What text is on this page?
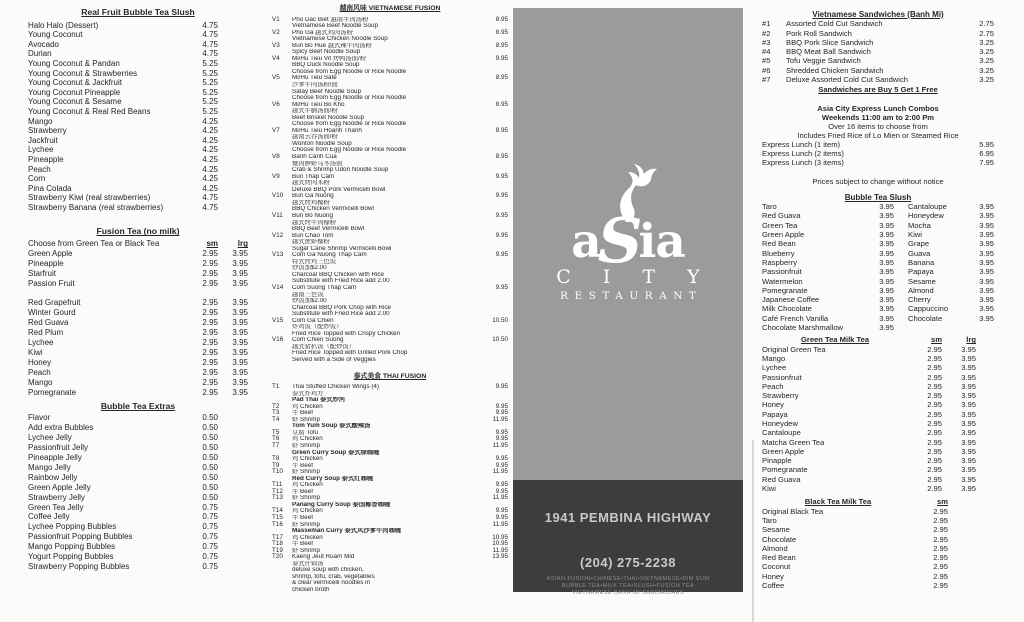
Real Fruit Bubble Tea Slush
Halo Halo (Dessert)	4.75
Young Coconut	4.75
Avocado	4.75
Durian	4.75
Young Coconut & Pandan	5.25
Young Coconut & Strawberries	5.25
Young Coconut & Jackfruit	5.25
Young Coconut Pineapple	5.25
Young Coconut & Sesame	5.25
Young Coconut & Real Red Beans	5.25
Mango	4.25
Strawberry	4.25
Jackfruit	4.25
Lychee	4.25
Pineapple	4.25
Peach	4.25
Corn	4.25
Pina Colada	4.25
Strawberry Kiwi (real strawberries)	4.75
Strawberry Banana (real strawberries)	4.75
Fusion Tea (no milk)
Choose from Green Tea or Black Tea	sm	lrg
Green Apple	2.95	3.95
Pineapple	2.95	3.95
Starfruit	2.95	3.95
Passion Fruit	2.95	3.95
Red Grapefruit	2.95	3.95
Winter Gourd	2.95	3.95
Red Guava	2.95	3.95
Red Plum	2.95	3.95
Lychee	2.95	3.95
Kiwi	2.95	3.95
Honey	2.95	3.95
Peach	2.95	3.95
Mango	2.95	3.95
Pomegranate	2.95	3.95
Bubble Tea Extras
Flavor	0.50
Add extra Bubbles	0.50
Lychee Jelly	0.50
Passionfruit Jelly	0.50
Pineapple Jelly	0.50
Mango Jelly	0.50
Rainbow Jelly	0.50
Green Apple Jelly	0.50
Strawberry Jelly	0.50
Green Tea Jelly	0.75
Coffee Jelly	0.75
Lychee Popping Bubbles	0.75
Passionfruit Popping Bubbles	0.75
Mango Popping Bubbles	0.75
Yogurt Popping Bubbles	0.75
Strawberry Popping Bubbles	0.75
越南风味 VIETNAMESE FUSION
V1	Pho Dac Biet 越南牛肉汤粉	8.95
Vietnamese Beef Noodle Soup
V2	Pho Ga 越式鸡肉汤粉	8.95
Vietnamese Chicken Noodle Soup
V3	Bun Bo Hue 越式辣牛肉汤粉	8.95
Spicy Beef Noodle Soup
V4	Mi/Hu Tieu Vit 烤鸭汤面/粉	9.95
BBQ Duck Noodle Soup
Choose from Egg Noodle or Rice Noodle
V5	Mi/Hu Tieu Sate	8.95
沙爹牛肉汤粉/面
Satay Beef Noodle Soup
Choose from Egg Noodle or Rice Noodle
V6	Mi/Hu Tieu Bo Kho	8.95
越式牛腩汤面/粉
Beef Brisket Noodle Soup
Choose from Egg Noodle or Rice Noodle
V7	Mi/Hu Tieu Hoanh Thanh	8.95
越南云吞汤面/粉
Wonton Noodle Soup
Choose from Egg Noodle or Rice Noodle
V8	Banh Canh Cua	8.95
蟹肉鲜虾乌冬汤面
Crab & Shrimp Udon Noodle Soup
V9	Bun Thap Cam	9.95
越式烤肉米粉
Deluxe BBQ Pork Vermicelli Bowl
V10	Bun Ga Nuong	9.95
越式烤鸡檬粉
BBQ Chicken Vermicelli Bowl
V11	Bun Bo Nuong	9.95
越式烤牛肉檬粉
BBQ Beef Vermicelli Bowl
V12	Bun Chao Tom	9.95
越式蔗虾檬粉
Sugar Cane Shrimp Vermicelli Bowl
V13	Com Ga Nuong Thap Cam	9.95
特式烤鸡三色饭
炒饭加$2.00
Charcoal BBQ Chicken with Rice
Substitute with Fried Rice add 2.00
V14	Com Suong Thap Cam	9.95
越南三色饭
炒饭加$2.00
Charcoal BBQ Pork Chop with Rice
Substitute with Fried Rice add 2.00
V15	Com Ga Chien	10.50
炸鸡饭（配炒饭）
Fried Rice Topped with Crispy Chicken
V16	Com Chien Suong	10.50
越式猪扒饭（配炒饭）
Fried Rice Topped with Grilled Pork Chop
Served with a Side of Veggies
泰式美食 THAI FUSION
T1	Thai Stuffed Chicken Wings (4)	9.95
泰式炸鸡方
Pad Thai 泰式炒河
T2	鸡 Chicken	9.95
T3	牛 Beef	9.95
T4	虾 Shrimp	11.95
Tom Yum Soup 泰式酸辣汤
T5	豆腐 Tofu	9.95
T6	鸡 Chicken	9.95
T7	虾 Shrimp	11.95
Green Curry Soup 泰式绿咖喱
T8	鸡 Chicken	9.95
T9	牛 Beef	9.95
T10	虾 Shrimp	11.95
Red Curry Soup 泰式红咖喱
T11	鸡 Chicken	9.95
T12	牛 Beef	9.95
T13	虾 Shrimp	11.95
Panang Curry Soup 泰国椰香咖喱
T14	鸡 Chicken	9.95
T15	牛 Beef	9.95
T16	虾 Shrimp	11.95
Masseman Curry 泰式风沙爹牛肉咖喱
T17	鸡 Chicken	10.95
T18	牛 Beef	10.95
T19	虾 Shrimp	11.95
T20	Kaeng Jeut Ruam Mid	13.95
泰式什锦汤
deluxe soup with chicken,
shrimp, tofu, crab, vegetables
& clear vermicelli noodles in
chicken broth
aSia
C I T Y
RESTAURANT
1941 PEMBINA HIGHWAY
(204) 275-2238
ASIAN FUSION•CHINESE•THAI•VIETNAMESE•DIM SUM
BUBBLE TEA•MILK TEA•SLUSH•FUSION TEA
VIETNAMESE BANH MI SANDWICHES
Vietnamese Sandwiches (Banh Mi)
#1	Assorted Cold Cut Sandwich	2.75
#2	Pork Roll Sandwich	2.75
#3	BBQ Pork Slice Sandwich	3.25
#4	BBQ Meat Ball Sandwich	3.25
#5	Tofu Veggie Sandwich	3.25
#6	Shredded Chicken Sandwich	3.25
#7	Deluxe Assorted Cold Cut Sandwich	3.25
Sandwiches are Buy 5 Get 1 Free
Asia City Express Lunch Combos
Weekends 11:00 am to 2:00 Pm
Over 16 items to choose from
Includes Fried Rice of Lo Mien or Steamed Rice
Express Lunch (1 item)	5.95
Express Lunch (2 items)	6.95
Express Lunch (3 items)	7.95
Prices subject to change without notice
Bubble Tea Slush
Taro	3.95
Red Guava	3.95
Green Tea	3.95
Green Apple	3.95
Red Bean	3.95
Blueberry	3.95
Raspberry	3.95
Passionfruit	3.95
Watermelon	3.95
Pomegranate	3.95
Japanese Coffee	3.95
Milk Chocolate	3.95
Café French Vanilla	3.95
Chocolate Marshmallow	3.95
Cantaloupe	3.95
Honeydew	3.95
Mocha	3.95
Kiwi	3.95
Grape	3.95
Guava	3.95
Banana	3.95
Papaya	3.95
Sesame	3.95
Almond	3.95
Cherry	3.95
Cappuccino	3.95
Chocolate	3.95
Green Tea Milk Tea	sm	lrg
Original Green Tea	2.95	3.95
Mango	2.95	3.95
Lychee	2.95	3.95
Passionfruit	2.95	3.95
Peach	2.95	3.95
Strawberry	2.95	3.95
Honey	2.95	3.95
Papaya	2.95	3.95
Honeydew	2.95	3.95
Cantaloupe	2.95	3.95
Matcha Green Tea	2.95	3.95
Green Apple	2.95	3.95
Pinapple	2.95	3.95
Pomegranate	2.95	3.95
Red Guava	2.95	3.95
Kiwi	2.95	3.95
Black Tea Milk Tea	sm
Original Black Tea	2.95
Taro	2.95
Sesame	2.95
Chocolate	2.95
Almond	2.95
Red Bean	2.95
Coconut	2.95
Honey	2.95
Coffee	2.95
